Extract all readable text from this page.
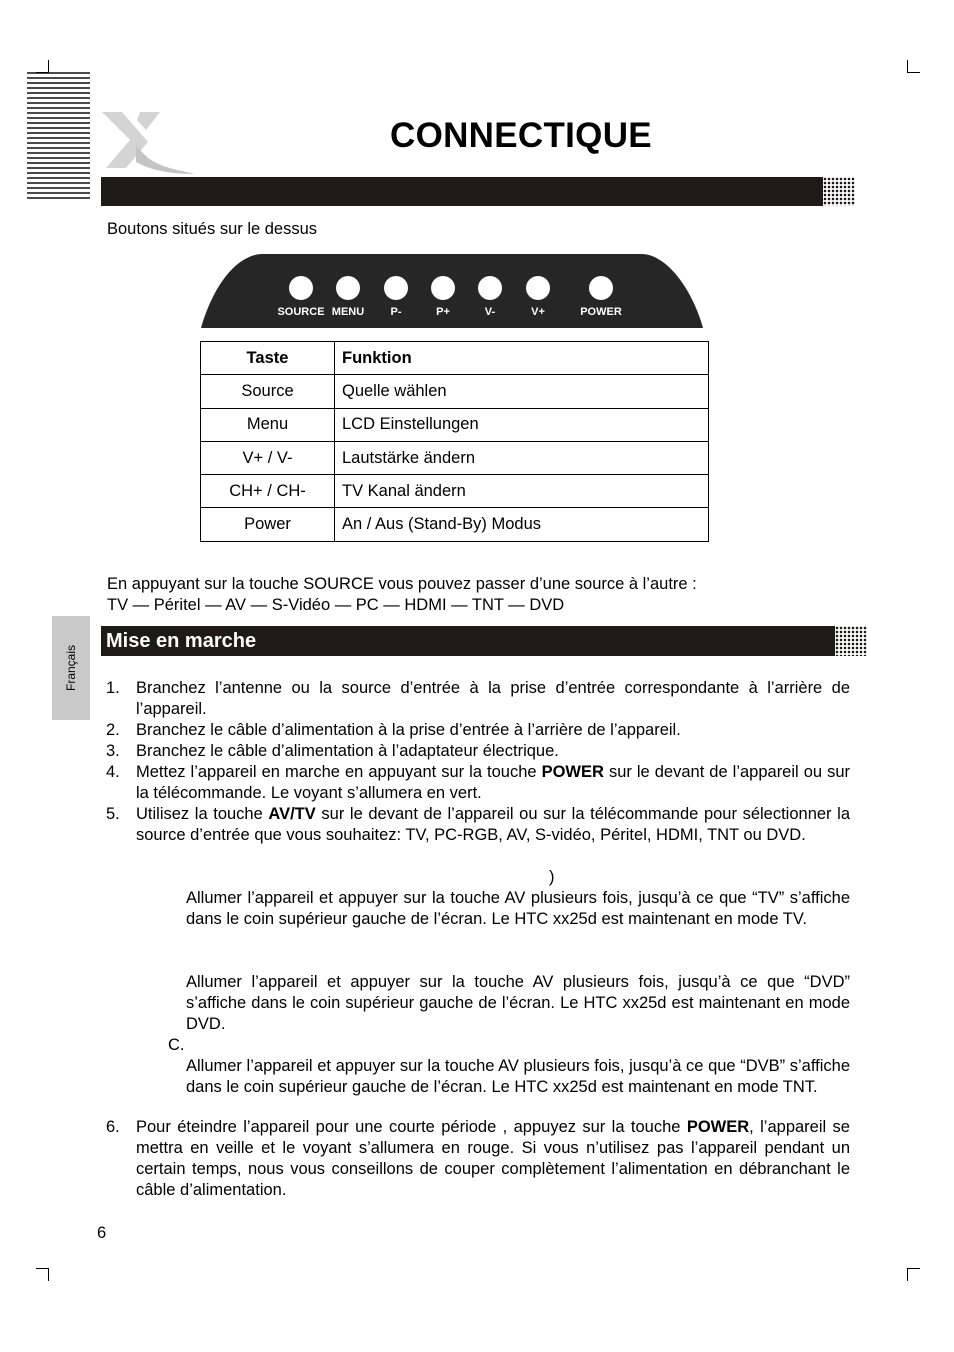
CONNECTIQUE
Boutons situés sur le dessus
SOURCE MENU P-	P+	V-	V+	POWER
Taste	Funktion
Source	Quelle wählen
Menu	LCD Einstellungen
V+ / V-	Lautstärke ändern
CH+ / CH-	TV Kanal ändern
Power	An / Aus (Stand-By) Modus
En appuyant sur la touche SOURCE vous pouvez passer d’une source à l’autre :
TV — Péritel — AV — S-Vidéo — PC — HDMI — TNT — DVD
Français
Mise en marche
1. Branchez l’antenne ou la source d’entrée à la prise d’entrée correspondante à l’arrière de l’appareil.
2. Branchez le câble d’alimentation à la prise d’entrée à l’arrière de l’appareil.
3. Branchez le câble d’alimentation à l’adaptateur électrique.
4. Mettez l’appareil en marche en appuyant sur la touche POWER sur le devant de l’appareil ou sur la télécommande. Le voyant s’allumera en vert.
5. Utilisez la touche AV/TV sur le devant de l’appareil ou sur la télécommande pour sélectionner la source d’entrée que vous souhaitez: TV, PC-RGB, AV, S-vidéo, Péritel, HDMI, TNT ou DVD.
)
Allumer l’appareil et appuyer sur la touche AV plusieurs fois, jusqu’à ce que “TV” s’affiche dans le coin supérieur gauche de l’écran. Le HTC xx25d est maintenant en mode TV.
Allumer l’appareil et appuyer sur la touche AV plusieurs fois, jusqu’à ce que “DVD” s’affiche dans le coin supérieur gauche de l’écran. Le HTC xx25d est maintenant en mode DVD.
C.
Allumer l’appareil et appuyer sur la touche AV plusieurs fois, jusqu’à ce que “DVB” s’affiche dans le coin supérieur gauche de l’écran. Le HTC xx25d est maintenant en mode TNT.
6. Pour éteindre l’appareil pour une courte période , appuyez sur la touche POWER, l’appareil se mettra en veille et le voyant s’allumera en rouge. Si vous n’utilisez pas l’appareil pendant un certain temps, nous vous conseillons de couper complètement l’alimentation en débranchant le câble d’alimentation.
6
